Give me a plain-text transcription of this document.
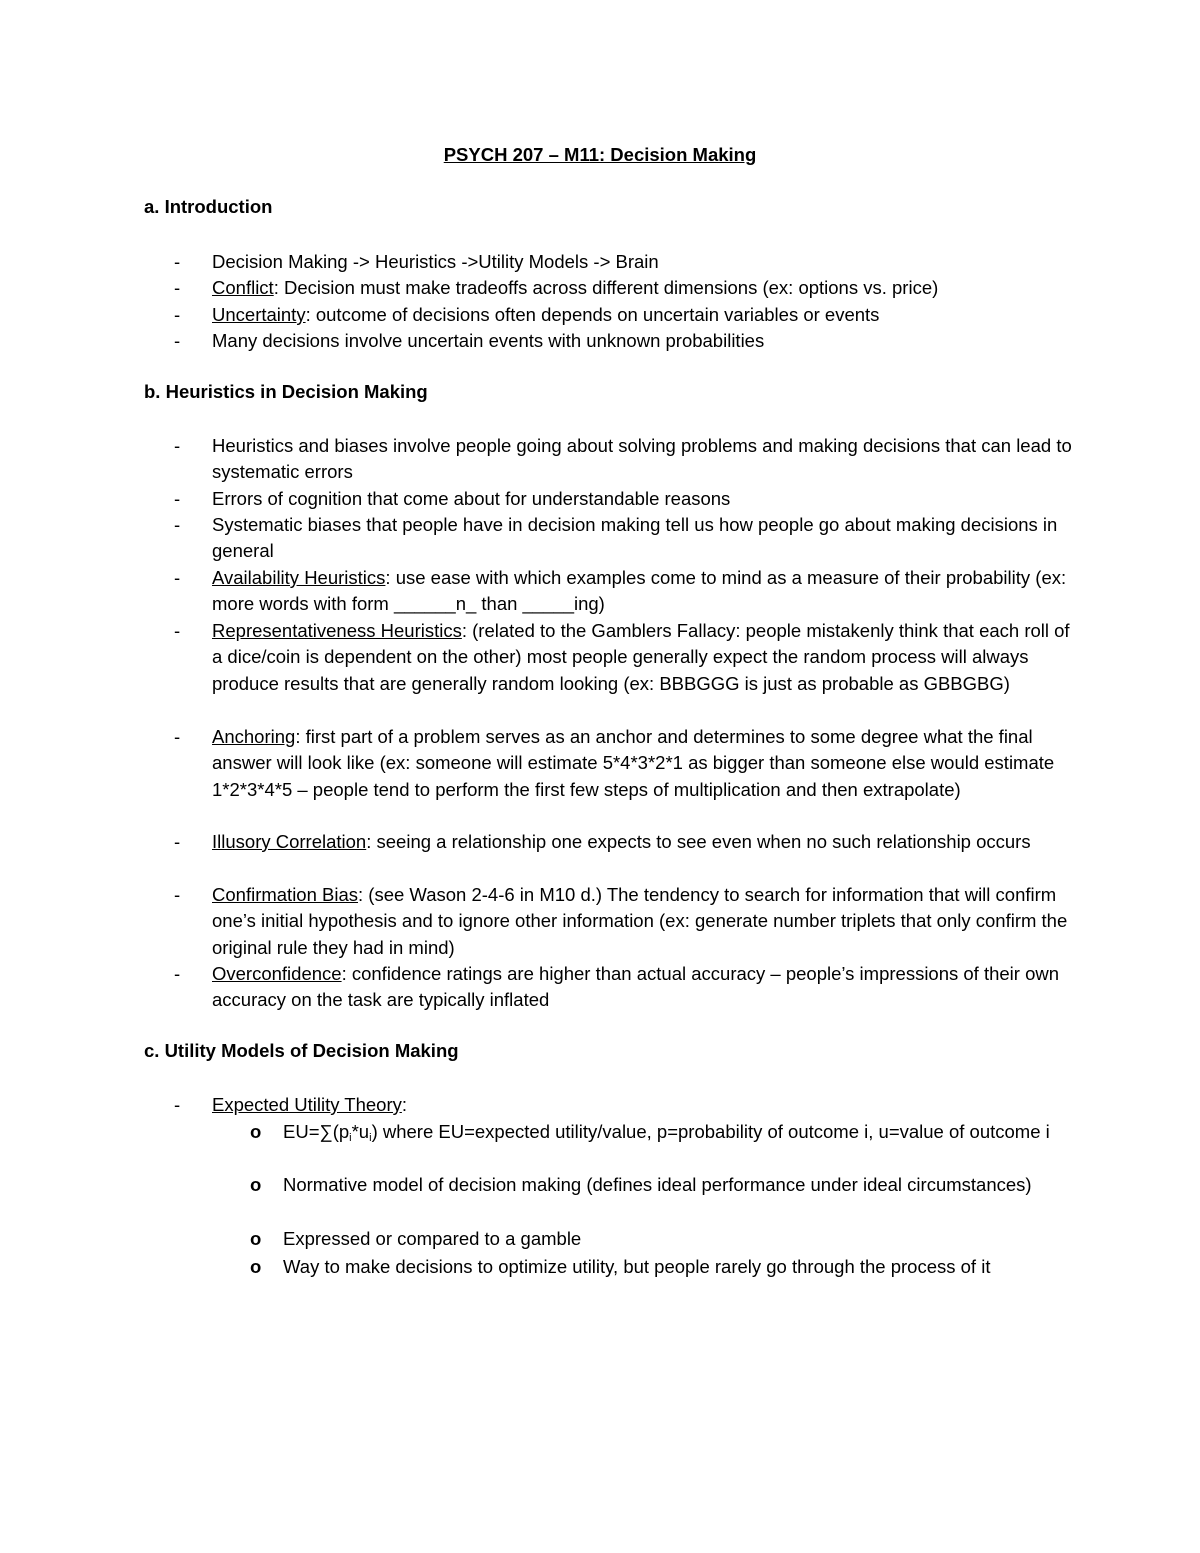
PSYCH 207 – M11: Decision Making
a. Introduction
- Decision Making -> Heuristics ->Utility Models -> Brain
- Conflict: Decision must make tradeoffs across different dimensions (ex: options vs. price)
- Uncertainty: outcome of decisions often depends on uncertain variables or events
- Many decisions involve uncertain events with unknown probabilities
b. Heuristics in Decision Making
- Heuristics and biases involve people going about solving problems and making decisions that can lead to systematic errors
- Errors of cognition that come about for understandable reasons
- Systematic biases that people have in decision making tell us how people go about making decisions in general
- Availability Heuristics: use ease with which examples come to mind as a measure of their probability (ex: more words with form ______n_ than _____ing)
- Representativeness Heuristics: (related to the Gamblers Fallacy: people mistakenly think that each roll of a dice/coin is dependent on the other) most people generally expect the random process will always produce results that are generally random looking (ex: BBBGGG is just as probable as GBBGBG)
- Anchoring: first part of a problem serves as an anchor and determines to some degree what the final answer will look like (ex: someone will estimate 5*4*3*2*1 as bigger than someone else would estimate 1*2*3*4*5 – people tend to perform the first few steps of multiplication and then extrapolate)
- Illusory Correlation: seeing a relationship one expects to see even when no such relationship occurs
- Confirmation Bias: (see Wason 2-4-6 in M10 d.) The tendency to search for information that will confirm one’s initial hypothesis and to ignore other information (ex: generate number triplets that only confirm the original rule they had in mind)
- Overconfidence: confidence ratings are higher than actual accuracy – people’s impressions of their own accuracy on the task are typically inflated
c. Utility Models of Decision Making
- Expected Utility Theory:
o $EU=\sum(p_i*u_i)$ where EU=expected utility/value, p=probability of outcome i, u=value of outcome i
o Normative model of decision making (defines ideal performance under ideal circumstances)
o Expressed or compared to a gamble
o Way to make decisions to optimize utility, but people rarely go through the process of it
